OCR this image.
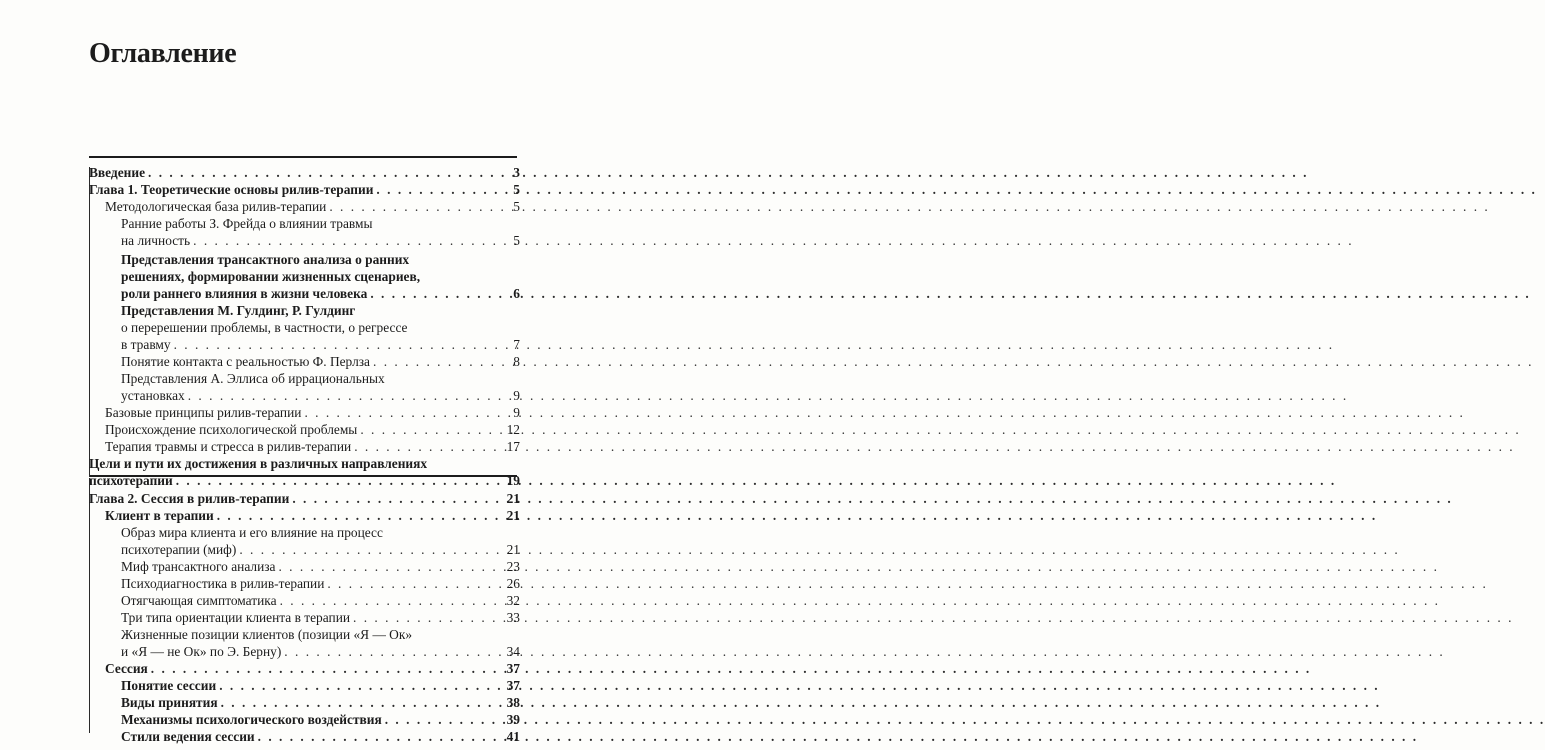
Оглавление
Введение . . .	3
Глава 1. Теоретические основы рилив-терапии . . .	5
Методологическая база рилив-терапии . . .	5
Ранние работы З. Фрейда о влиянии травмы
на личность . . .	5
Представления трансактного анализа о ранних
решениях, формировании жизненных сценариев,
роли раннего влияния в жизни человека . . .	6
Представления М. Гулдинг, Р. Гулдинг
о перерешении проблемы, в частности, о регрессе
в травму . . .	7
Понятие контакта с реальностью Ф. Перлза . . .	8
Представления А. Эллиса об иррациональных
установках . . .	9
Базовые принципы рилив-терапии . . .	9
Происхождение психологической проблемы . . .	12
Терапия травмы и стресса в рилив-терапии . . .	17
Цели и пути их достижения в различных направлениях
психотерапии . . .	19
Глава 2. Сессия в рилив-терапии . . .	21
Клиент в терапии . . .	21
Образ мира клиента и его влияние на процесс
психотерапии (миф) . . .	21
Миф трансактного анализа . . .	23
Психодиагностика в рилив-терапии . . .	26
Отягчающая симптоматика . . .	32
Три типа ориентации клиента в терапии . . .	33
Жизненные позиции клиентов (позиции «Я — Ок»
и «Я — не Ок» по Э. Берну) . . .	34
Сессия . . .	37
Понятие сессии . . .	37
Виды принятия . . .	38
Механизмы психологического воздействия . . .	39
Стили ведения сессии . . .	41
